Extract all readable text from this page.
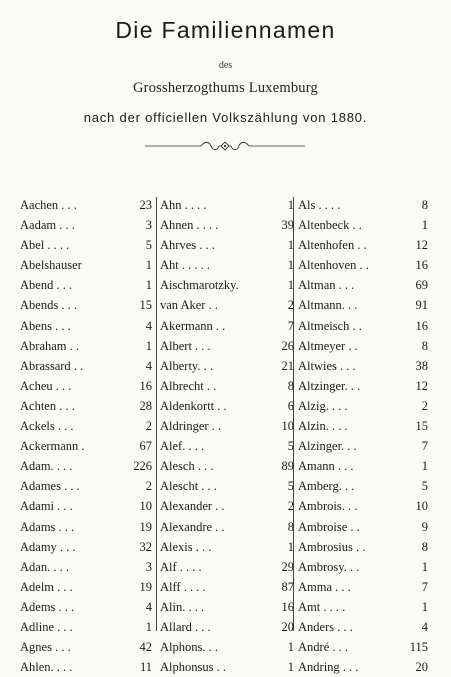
Die Familiennamen
des
Grossherzogthums Luxemburg
nach der officiellen Volkszählung von 1880.
Aachen . . .	23
Aadam . . .	3
Abel . . . .	5
Abelshauser	1
Abend . . .	1
Abends . . .	15
Abens . . .	4
Abraham . .	1
Abrassard . .	4
Acheu . . .	16
Achten . . .	28
Ackels . . .	2
Ackermann .	67
Adam. . . .	226
Adames . . .	2
Adami . . .	10
Adams . . .	19
Adamy . . .	32
Adan. . . .	3
Adelm . . .	19
Adems . . .	4
Adline . . .	1
Agnes . . .	42
Ahlen. . . .	11
Ahn . . . .	1
Ahnen . . . .	39
Ahrves . . .	1
Aht . . . . .	1
Aischmarotzky.	1
van Aker . .	2
Akermann . .	7
Albert . . .	26
Alberty. . .	21
Albrecht . .	8
Aldenkortt . .	6
Aldringer . .	10
Alef. . . .	5
Alesch . . .	89
Alescht . . .	5
Alexander . .	2
Alexandre . .	8
Alexis . . .	1
Alf . . . .	29
Alff . . . .	87
Alin. . . .	16
Allard . . .	20
Alphons. . .	1
Alphonsus . .	1
Als . . . .	8
Altenbeck . .	1
Altenhofen . .	12
Altenhoven . .	16
Altman . . .	69
Altmann. . .	91
Altmeisch . .	16
Altmeyer . .	8
Altwies . . .	38
Altzinger. . .	12
Alzig. . . .	2
Alzin. . . .	15
Alzinger. . .	7
Amann . . .	1
Amberg. . .	5
Ambrois. . .	10
Ambroise . .	9
Ambrosius . .	8
Ambrosy. . .	1
Amma . . .	7
Amt . . . .	1
Anders . . .	4
André . . .	115
Andring . . .	20
